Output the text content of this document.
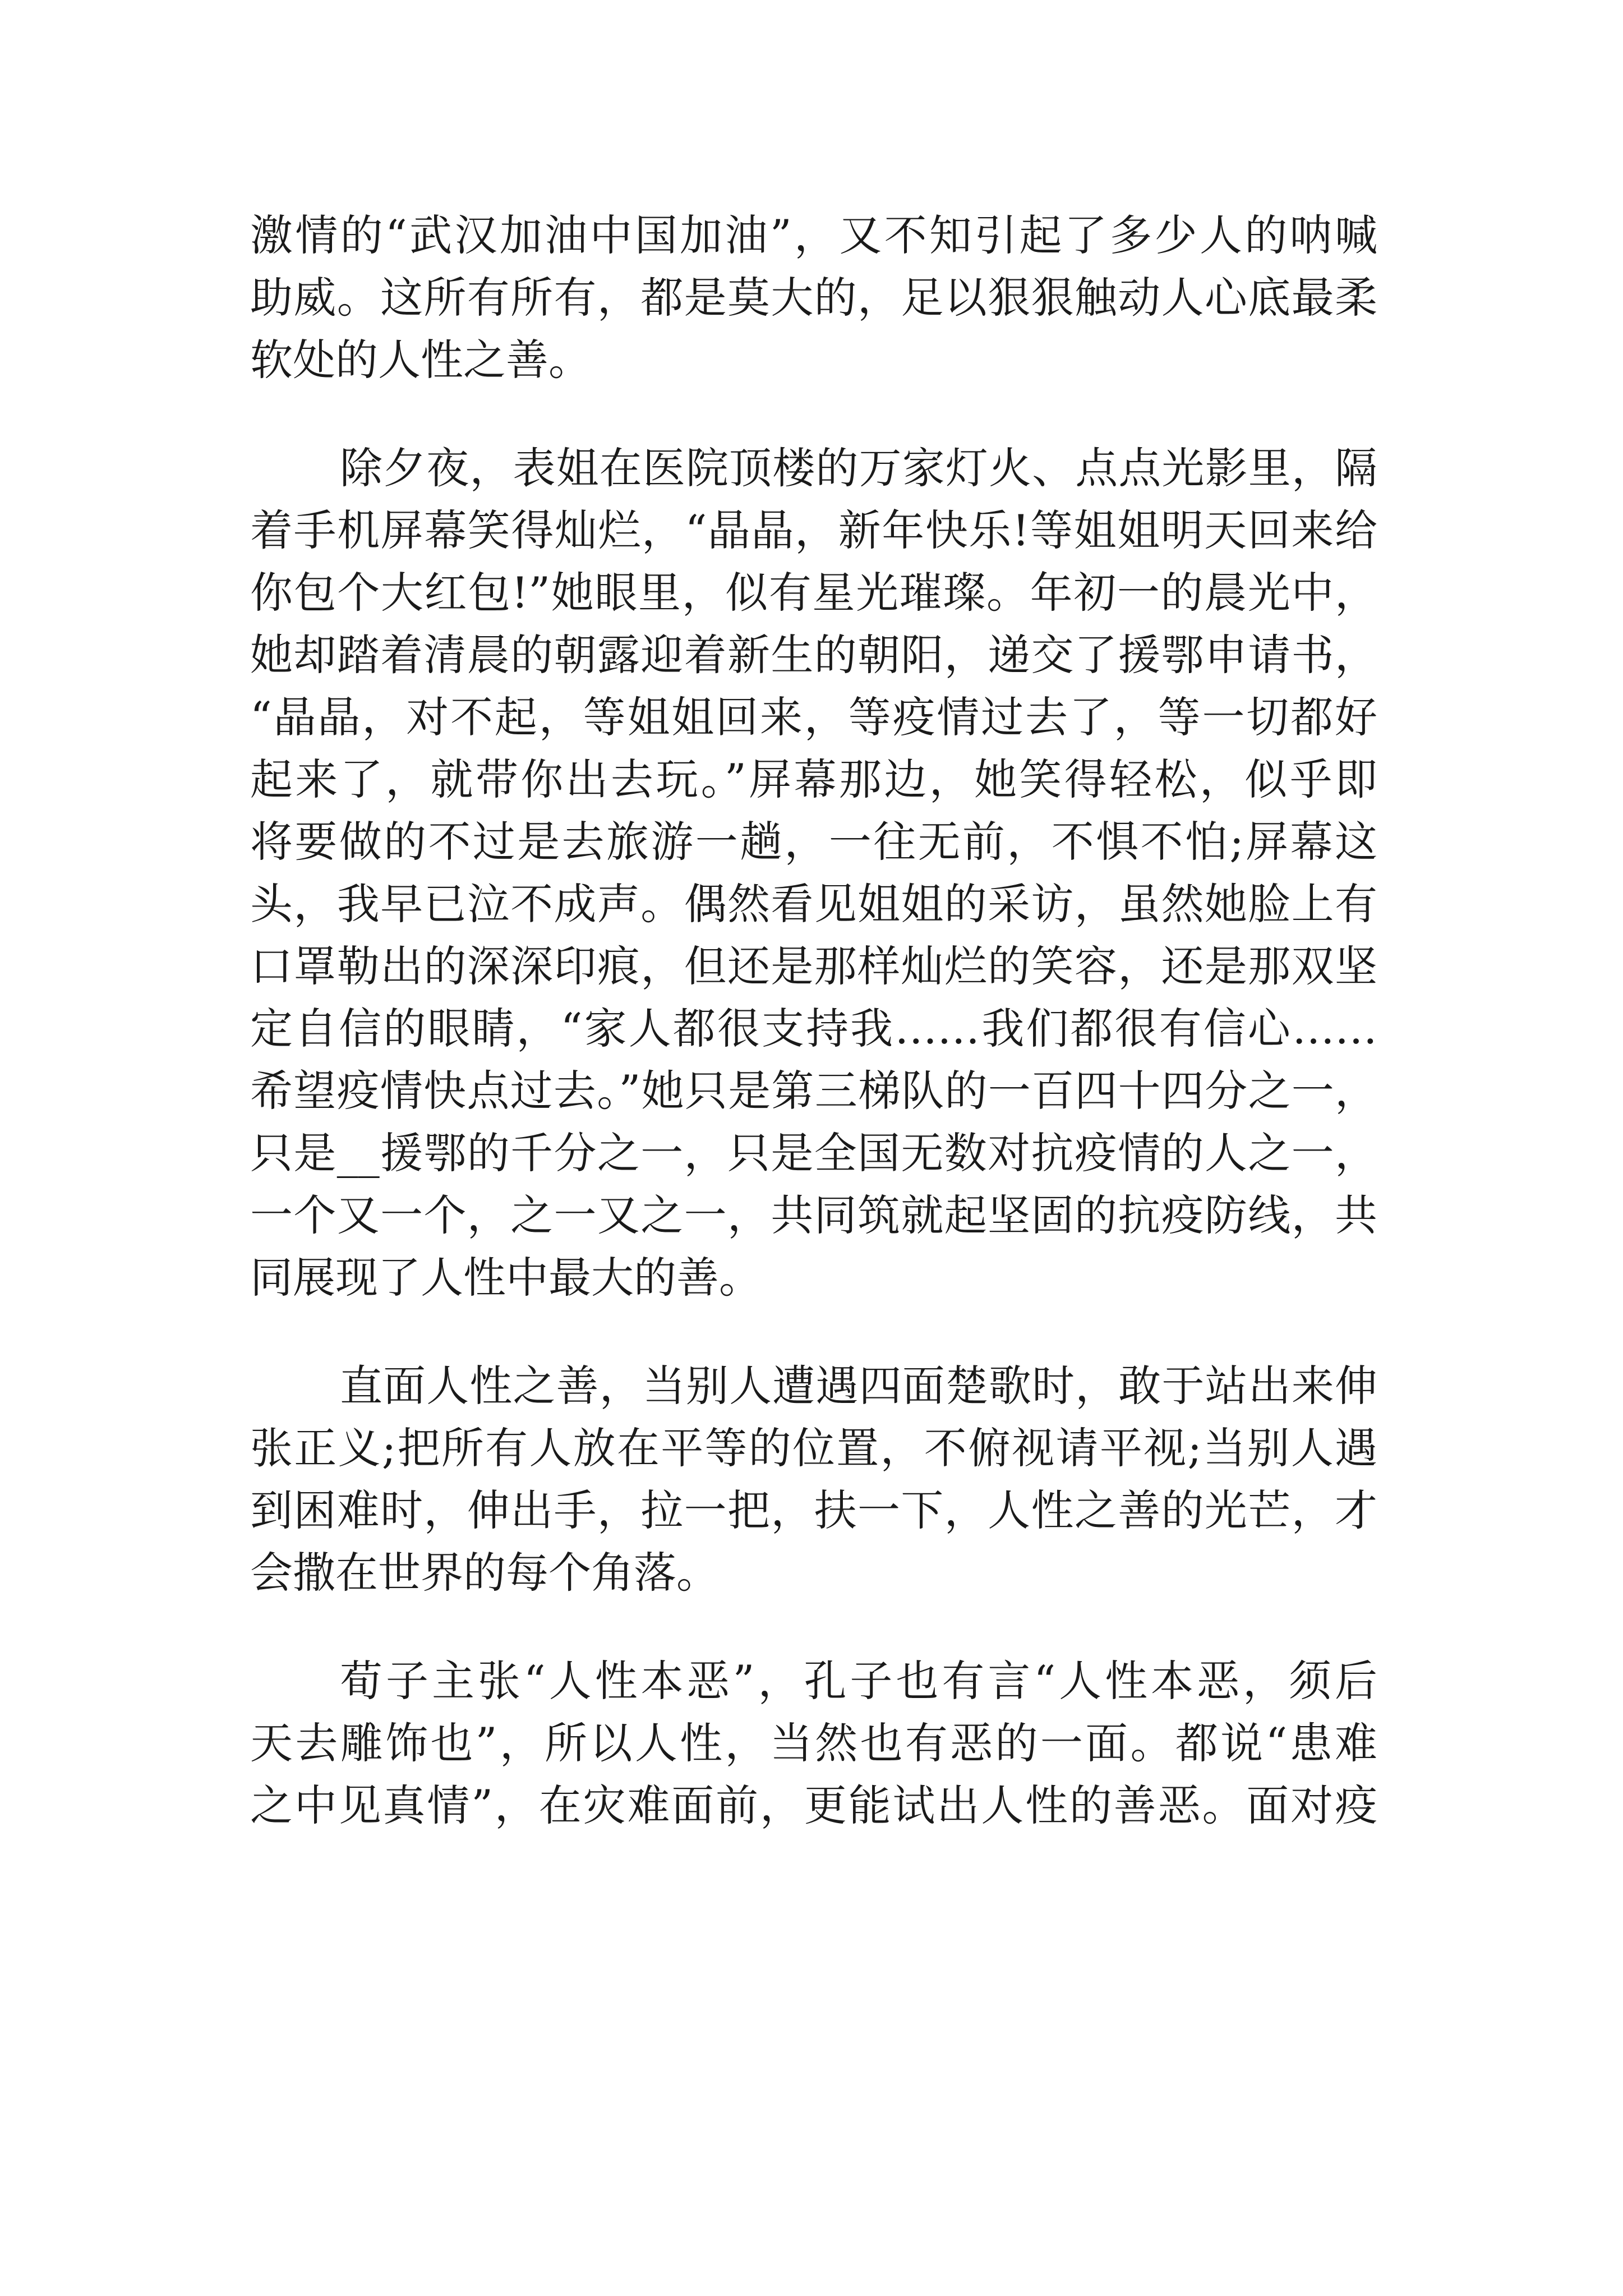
激情的“武汉加油中国加油”，又不知引起了多少人的呐喊
助威。这所有所有，都是莫大的，足以狠狠触动人心底最柔
软处的人性之善。
除夕夜，表姐在医院顶楼的万家灯火、点点光影里，隔
着手机屏幕笑得灿烂，“晶晶，新年快乐!等姐姐明天回来给
你包个大红包!”她眼里，似有星光璀璨。年初一的晨光中，
她却踏着清晨的朝露迎着新生的朝阳，递交了援鄂申请书，
“晶晶，对不起，等姐姐回来，等疫情过去了，等一切都好
起来了，就带你出去玩。”屏幕那边，她笑得轻松，似乎即
将要做的不过是去旅游一趟，一往无前，不惧不怕;屏幕这
头，我早已泣不成声。偶然看见姐姐的采访，虽然她脸上有
口罩勒出的深深印痕，但还是那样灿烂的笑容，还是那双坚
定自信的眼睛，“家人都很支持我……我们都很有信心……
希望疫情快点过去。”她只是第三梯队的一百四十四分之一，
只是__援鄂的千分之一，只是全国无数对抗疫情的人之一，
一个又一个，之一又之一，共同筑就起坚固的抗疫防线，共
同展现了人性中最大的善。
直面人性之善，当别人遭遇四面楚歌时，敢于站出来伸
张正义;把所有人放在平等的位置，不俯视请平视;当别人遇
到困难时，伸出手，拉一把，扶一下，人性之善的光芒，才
会撒在世界的每个角落。
荀子主张“人性本恶”，孔子也有言“人性本恶，须后
天去雕饰也”，所以人性，当然也有恶的一面。都说“患难
之中见真情”，在灾难面前，更能试出人性的善恶。面对疫
